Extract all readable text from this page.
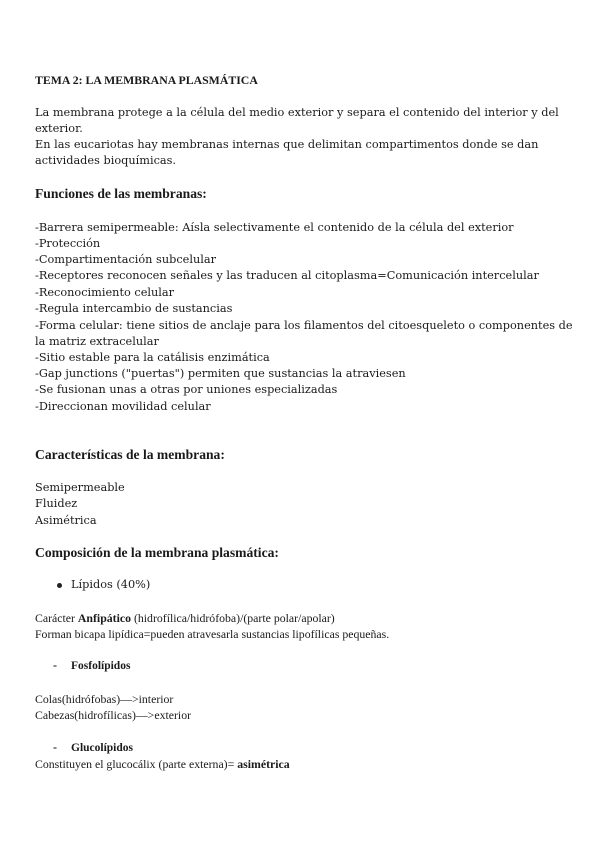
TEMA 2: LA MEMBRANA PLASMÁTICA
La membrana protege a la célula del medio exterior y separa el contenido del interior y del
exterior.
En las eucariotas hay membranas internas que delimitan compartimentos donde se dan
actividades bioquímicas.
Funciones de las membranas:
-Barrera semipermeable: Aísla selectivamente el contenido de la célula del exterior
-Protección
-Compartimentación subcelular
-Receptores reconocen señales y las traducen al citoplasma=Comunicación intercelular
-Reconocimiento celular
-Regula intercambio de sustancias
-Forma celular: tiene sitios de anclaje para los filamentos del citoesqueleto o componentes de
la matriz extracelular
-Sitio estable para la catálisis enzimática
-Gap junctions ("puertas") permiten que sustancias la atraviesen
-Se fusionan unas a otras por uniones especializadas
-Direccionan movilidad celular
Características de la membrana:
Semipermeable
Fluidez
Asimétrica
Composición de la membrana plasmática:
Lípidos (40%)
Carácter Anfipático (hidrofílica/hidrófoba)/(parte polar/apolar)
Forman bicapa lipídica=pueden atravesarla sustancias lipofílicas pequeñas.
- Fosfolípidos
Colas(hidrófobas)—>interior
Cabezas(hidrofílicas)—>exterior
- Glucolípidos
Constituyen el glucocálix (parte externa)= asimétrica
